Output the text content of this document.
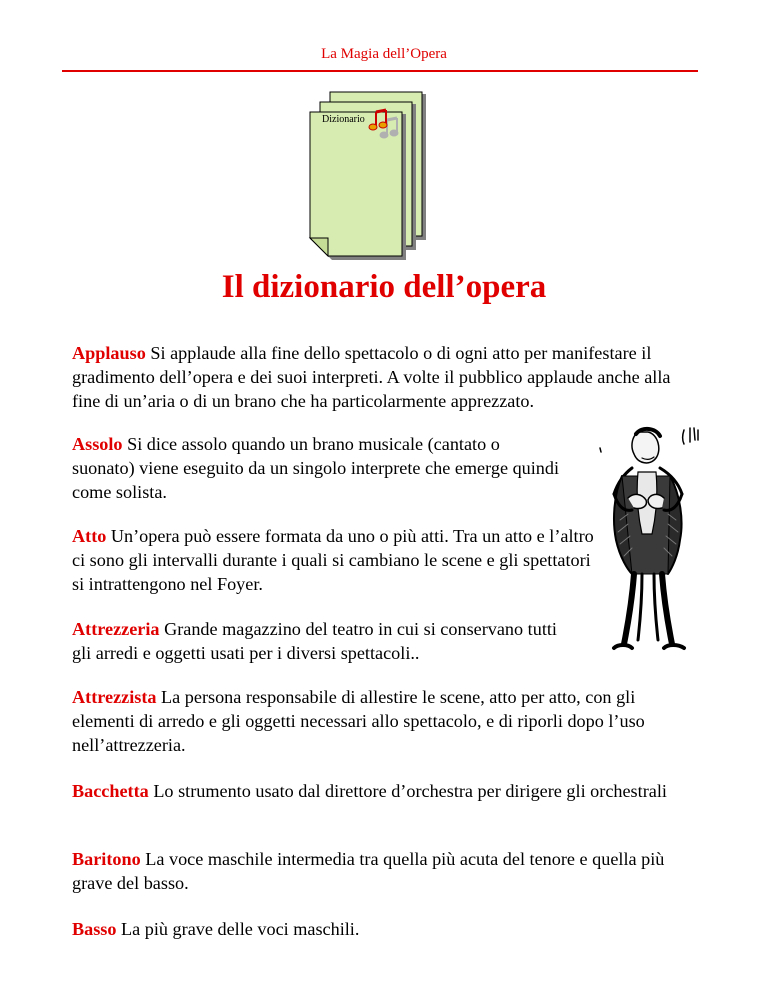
La Magia dell’Opera
Dizionario
Il dizionario dell’opera

Applauso Si applaude alla fine dello spettacolo o di ogni atto per manifestare il gradimento dell’opera e dei suoi interpreti. A volte il pubblico applaude anche alla fine di un’aria o di un brano che ha particolarmente apprezzato.

Assolo Si dice assolo quando un brano musicale (cantato o suonato) viene eseguito da un singolo interprete che emerge quindi come solista.

Atto Un’opera può essere formata da uno o più atti. Tra un atto e l’altro ci sono gli intervalli durante i quali si cambiano le scene e gli spettatori si intrattengono nel Foyer.

Attrezzeria Grande magazzino del teatro in cui si conservano tutti gli arredi e oggetti usati per i diversi spettacoli..

Attrezzista La persona responsabile di allestire le scene, atto per atto, con gli elementi di arredo e gli oggetti necessari allo spettacolo, e di riporli dopo l’uso nell’attrezzeria.

Bacchetta Lo strumento usato dal direttore d’orchestra per dirigere gli orchestrali

Baritono La voce maschile intermedia tra quella più acuta del tenore e quella più grave del basso.

Basso La più grave delle voci maschili.
